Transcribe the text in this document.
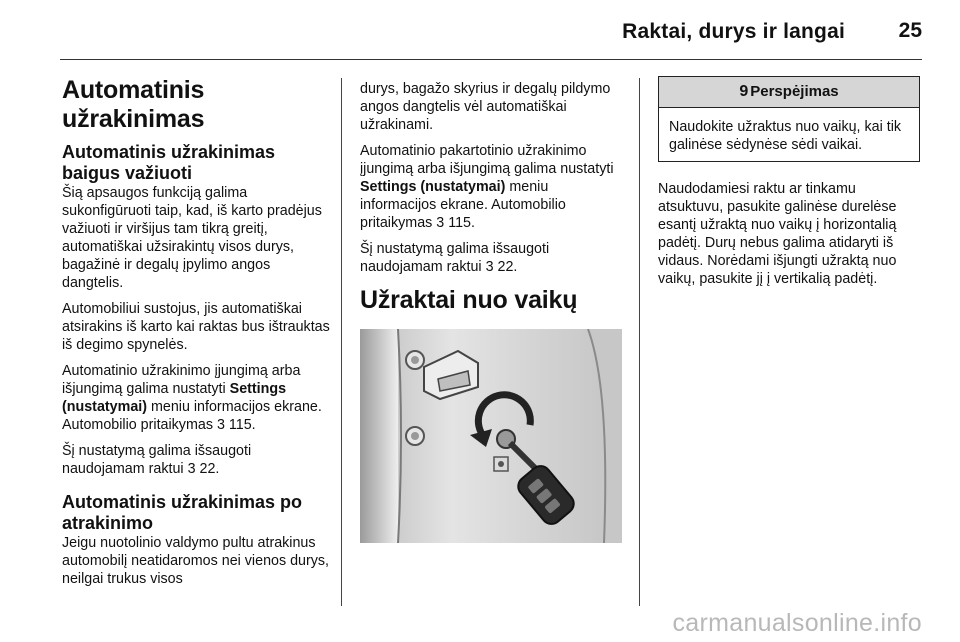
Raktai, durys ir langai	25
Automatinis užrakinimas
Automatinis užrakinimas baigus važiuoti

Šią apsaugos funkciją galima sukonfigūruoti taip, kad, iš karto pradėjus važiuoti ir viršijus tam tikrą greitį, automatiškai užsirakintų visos durys, bagažinė ir degalų įpylimo angos dangtelis.

Automobiliui sustojus, jis automatiškai atsirakins iš karto kai raktas bus ištrauktas iš degimo spynelės.

Automatinio užrakinimo įjungimą arba išjungimą galima nustatyti Settings (nustatymai) meniu informacijos ekrane. Automobilio pritaikymas 3 115.

Šį nustatymą galima išsaugoti naudojamam raktui 3 22.

Automatinis užrakinimas po atrakinimo

Jeigu nuotolinio valdymo pultu atrakinus automobilį neatidaromos nei vienos durys, neilgai trukus visos

durys, bagažo skyrius ir degalų pildymo angos dangtelis vėl automatiškai užrakinami.

Automatinio pakartotinio užrakinimo įjungimą arba išjungimą galima nustatyti Settings (nustatymai) meniu informacijos ekrane. Automobilio pritaikymas 3 115.

Šį nustatymą galima išsaugoti naudojamam raktui 3 22.

Užraktai nuo vaikų
9 Perspėjimas
Naudokite užraktus nuo vaikų, kai tik galinėse sėdynėse sėdi vaikai.

Naudodamiesi raktu ar tinkamu atsuktuvu, pasukite galinėse durelėse esantį užraktą nuo vaikų į horizontalią padėtį. Durų nebus galima atidaryti iš vidaus. Norėdami išjungti užraktą nuo vaikų, pasukite jį į vertikalią padėtį.

carmanualsonline.info
